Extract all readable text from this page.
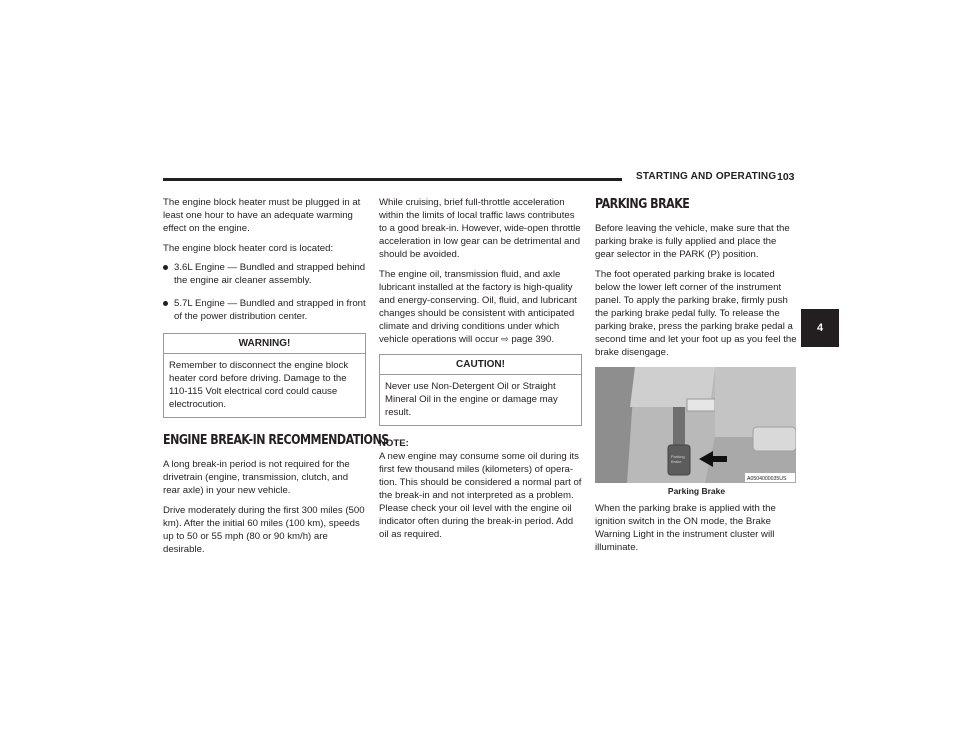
STARTING AND OPERATING 103
4

The engine block heater must be plugged in at least one hour to have an adequate warming effect on the engine.

The engine block heater cord is located:

3.6L Engine — Bundled and strapped behind the engine air cleaner assembly.
5.7L Engine — Bundled and strapped in front of the power distribution center.
WARNING!
Remember to disconnect the engine block heater cord before driving. Damage to the 110-115 Volt electrical cord could cause electrocution.
ENGINE BREAK-IN RECOMMENDATIONS

A long break-in period is not required for the drivetrain (engine, transmission, clutch, and rear axle) in your new vehicle.

Drive moderately during the first 300 miles (500 km). After the initial 60 miles (100 km), speeds up to 50 or 55 mph (80 or 90 km/h) are desirable.

While cruising, brief full-throttle acceleration within the limits of local traffic laws contributes to a good break-in. However, wide-open throttle acceleration in low gear can be detrimental and should be avoided.

The engine oil, transmission fluid, and axle lubricant installed at the factory is high-quality and energy-conserving. Oil, fluid, and lubricant changes should be consistent with anticipated climate and driving conditions under which vehicle operations will occur ⇨ page 390.

CAUTION!
Never use Non-Detergent Oil or Straight Mineral Oil in the engine or damage may result.
NOTE:

A new engine may consume some oil during its first few thousand miles (kilometers) of opera-tion. This should be considered a normal part of the break-in and not interpreted as a problem. Please check your oil level with the engine oil indicator often during the break-in period. Add oil as required.

PARKING BRAKE

Before leaving the vehicle, make sure that the parking brake is fully applied and place the gear selector in the PARK (P) position.

The foot operated parking brake is located below the lower left corner of the instrument panel. To apply the parking brake, firmly push the parking brake pedal fully. To release the parking brake, press the parking brake pedal a second time and let your foot up as you feel the brake disengage.

Parking
Brake
A0504000035US
Parking Brake

When the parking brake is applied with the ignition switch in the ON mode, the Brake Warning Light in the instrument cluster will illuminate.
